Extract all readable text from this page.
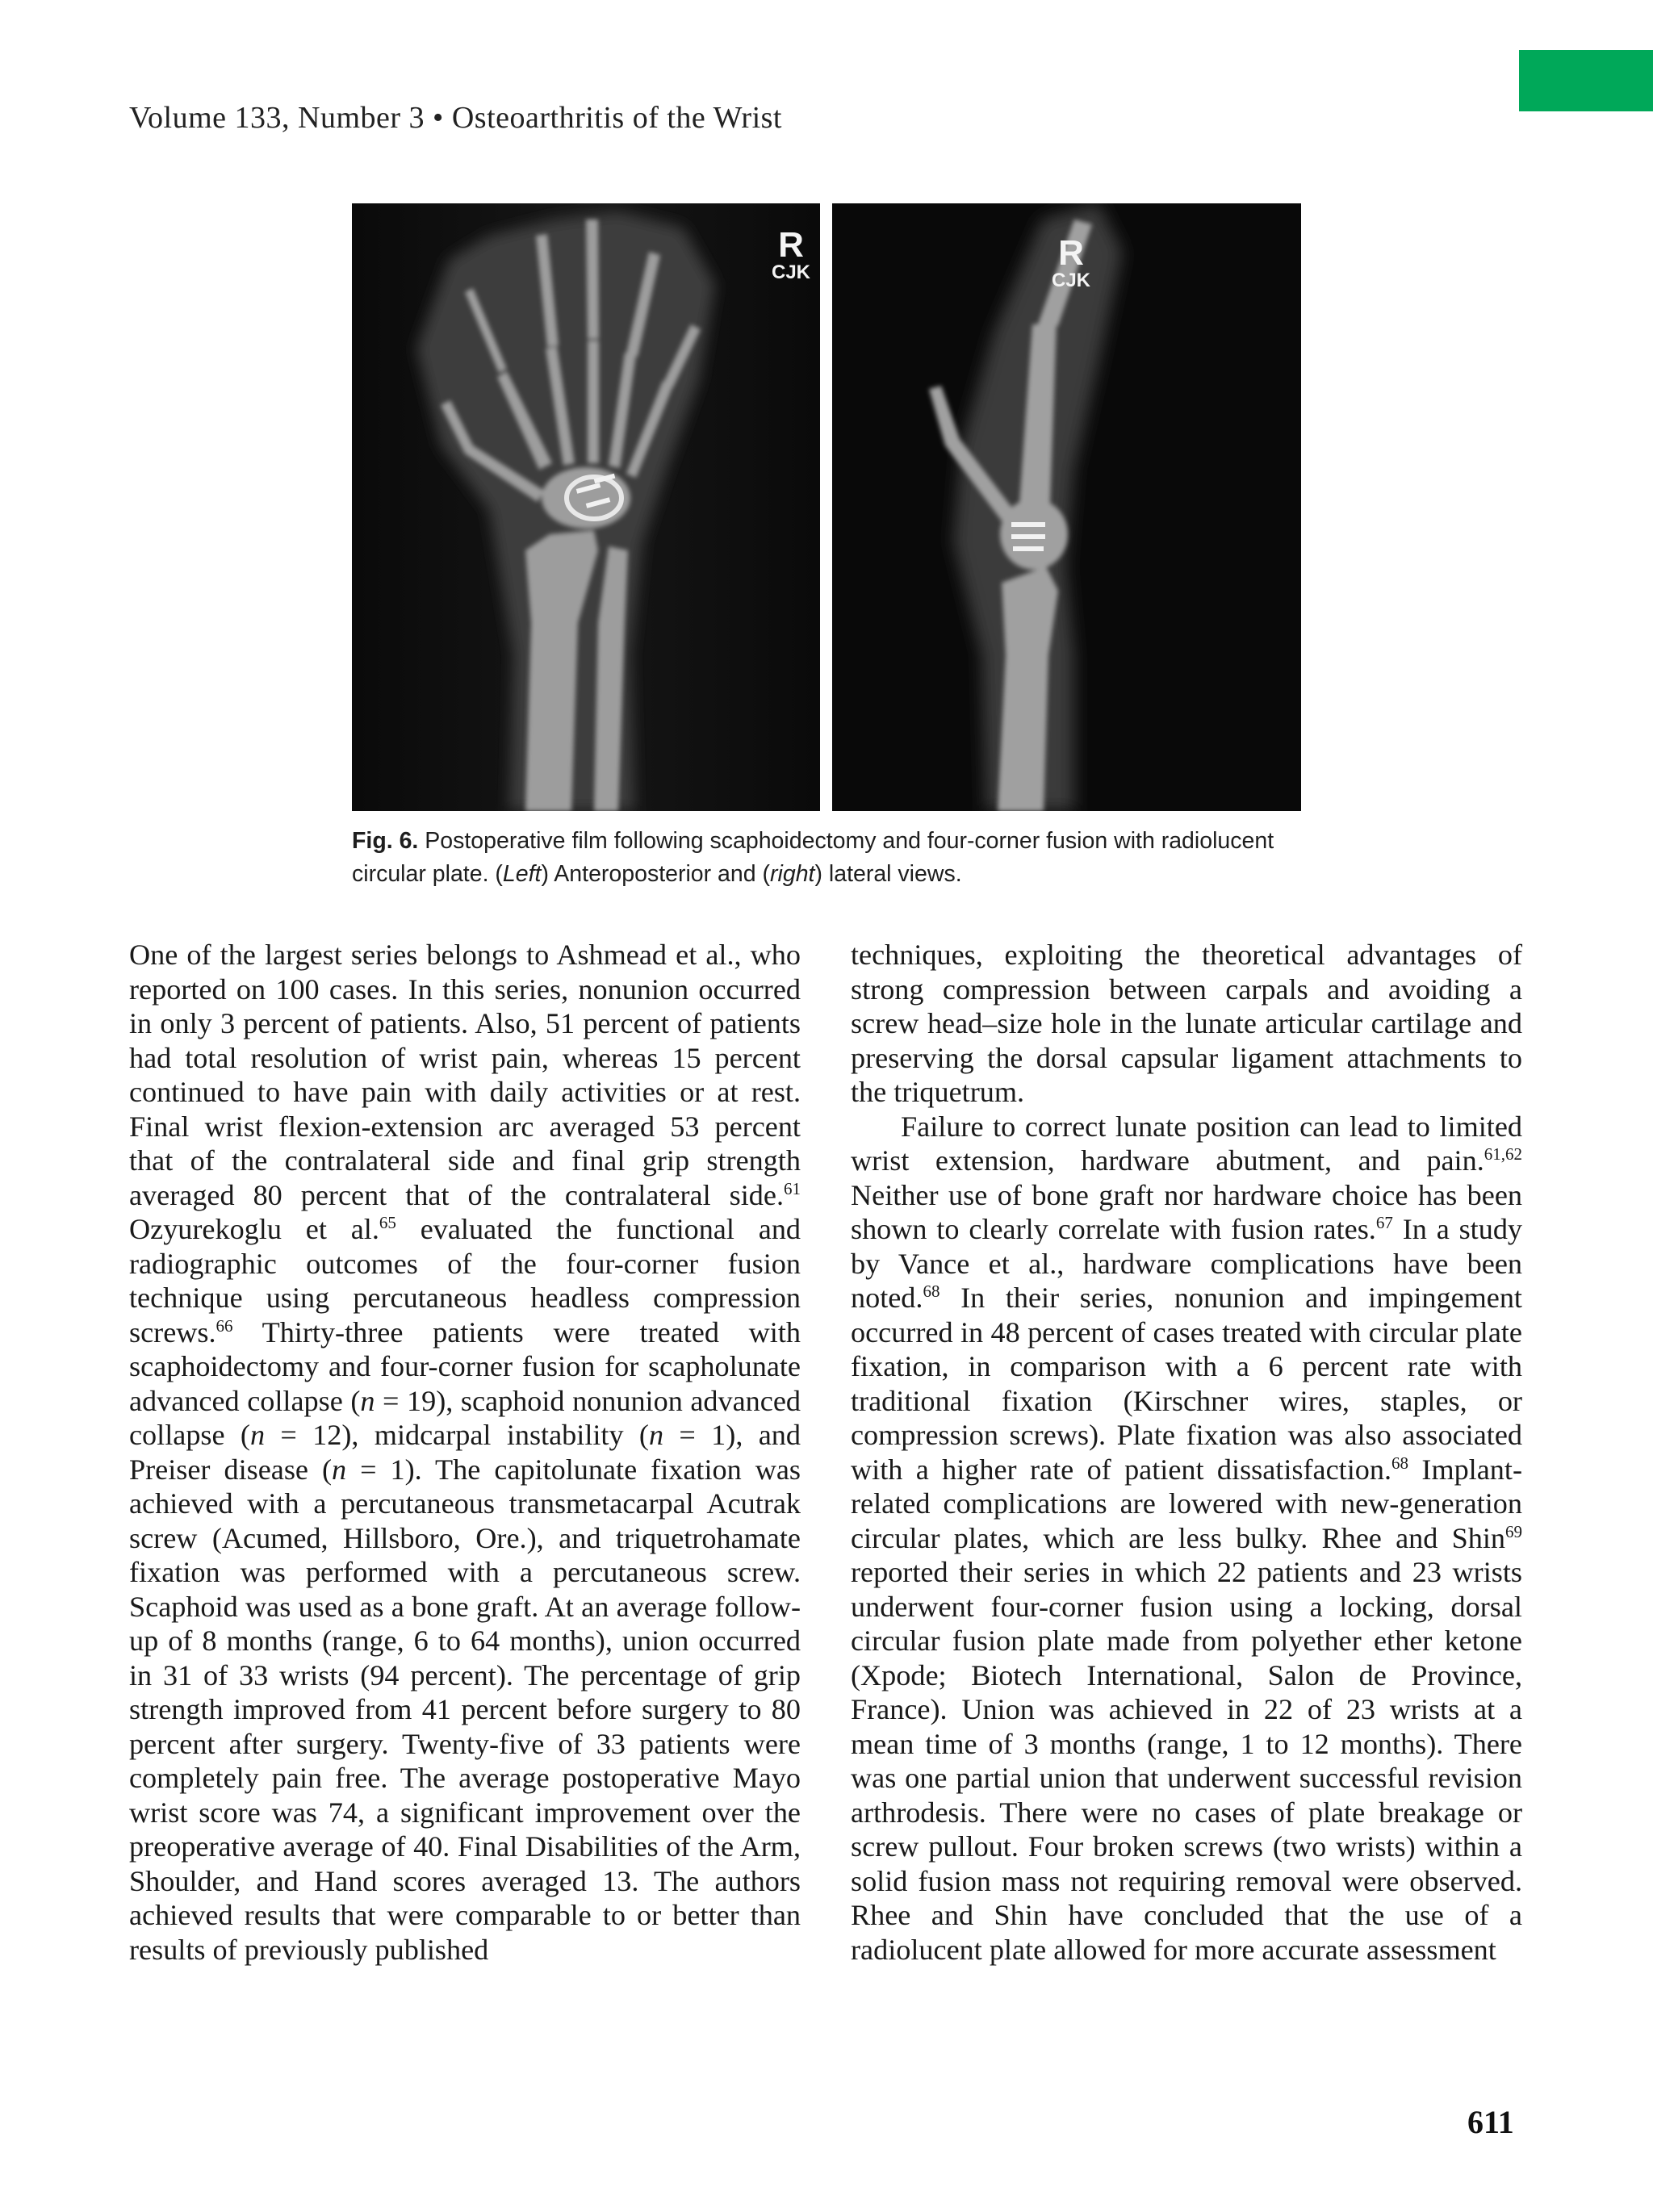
Volume 133, Number 3 • Osteoarthritis of the Wrist
R
CJK	R
CJK
Fig. 6. Postoperative film following scaphoidectomy and four-corner fusion with radiolucent circular plate. (Left) Anteroposterior and (right) lateral views.

One of the largest series belongs to Ashmead et al., who reported on 100 cases. In this series, nonunion occurred in only 3 percent of patients. Also, 51 percent of patients had total resolution of wrist pain, whereas 15 percent continued to have pain with daily activities or at rest. Final wrist flexion-extension arc averaged 53 percent that of the contralateral side and final grip strength averaged 80 percent that of the contralateral side.$^{61}$ Ozyurekoglu et al.$^{65}$ evaluated the functional and radiographic outcomes of the four-corner fusion technique using percutaneous headless compression screws.$^{66}$ Thirty-three patients were treated with scaphoidectomy and four-corner fusion for scapholunate advanced collapse (n = 19), scaphoid nonunion advanced collapse (n = 12), midcarpal instability (n = 1), and Preiser disease (n = 1). The capitolunate fixation was achieved with a percutaneous transmetacarpal Acutrak screw (Acumed, Hillsboro, Ore.), and triquetrohamate fixation was performed with a percutaneous screw. Scaphoid was used as a bone graft. At an average follow-up of 8 months (range, 6 to 64 months), union occurred in 31 of 33 wrists (94 percent). The percentage of grip strength improved from 41 percent before surgery to 80 percent after surgery. Twenty-five of 33 patients were completely pain free. The average postoperative Mayo wrist score was 74, a significant improvement over the preoperative average of 40. Final Disabilities of the Arm, Shoulder, and Hand scores averaged 13. The authors achieved results that were comparable to or better than results of previously published

techniques, exploiting the theoretical advantages of strong compression between carpals and avoiding a screw head–size hole in the lunate articular cartilage and preserving the dorsal capsular ligament attachments to the triquetrum.

Failure to correct lunate position can lead to limited wrist extension, hardware abutment, and pain.$^{61,62}$ Neither use of bone graft nor hardware choice has been shown to clearly correlate with fusion rates.$^{67}$ In a study by Vance et al., hardware complications have been noted.$^{68}$ In their series, nonunion and impingement occurred in 48 percent of cases treated with circular plate fixation, in comparison with a 6 percent rate with traditional fixation (Kirschner wires, staples, or compression screws). Plate fixation was also associated with a higher rate of patient dissatisfaction.$^{68}$ Implant-related complications are lowered with new-generation circular plates, which are less bulky. Rhee and Shin$^{69}$ reported their series in which 22 patients and 23 wrists underwent four-corner fusion using a locking, dorsal circular fusion plate made from polyether ether ketone (Xpode; Biotech International, Salon de Province, France). Union was achieved in 22 of 23 wrists at a mean time of 3 months (range, 1 to 12 months). There was one partial union that underwent successful revision arthrodesis. There were no cases of plate breakage or screw pullout. Four broken screws (two wrists) within a solid fusion mass not requiring removal were observed. Rhee and Shin have concluded that the use of a radiolucent plate allowed for more accurate assessment

611
